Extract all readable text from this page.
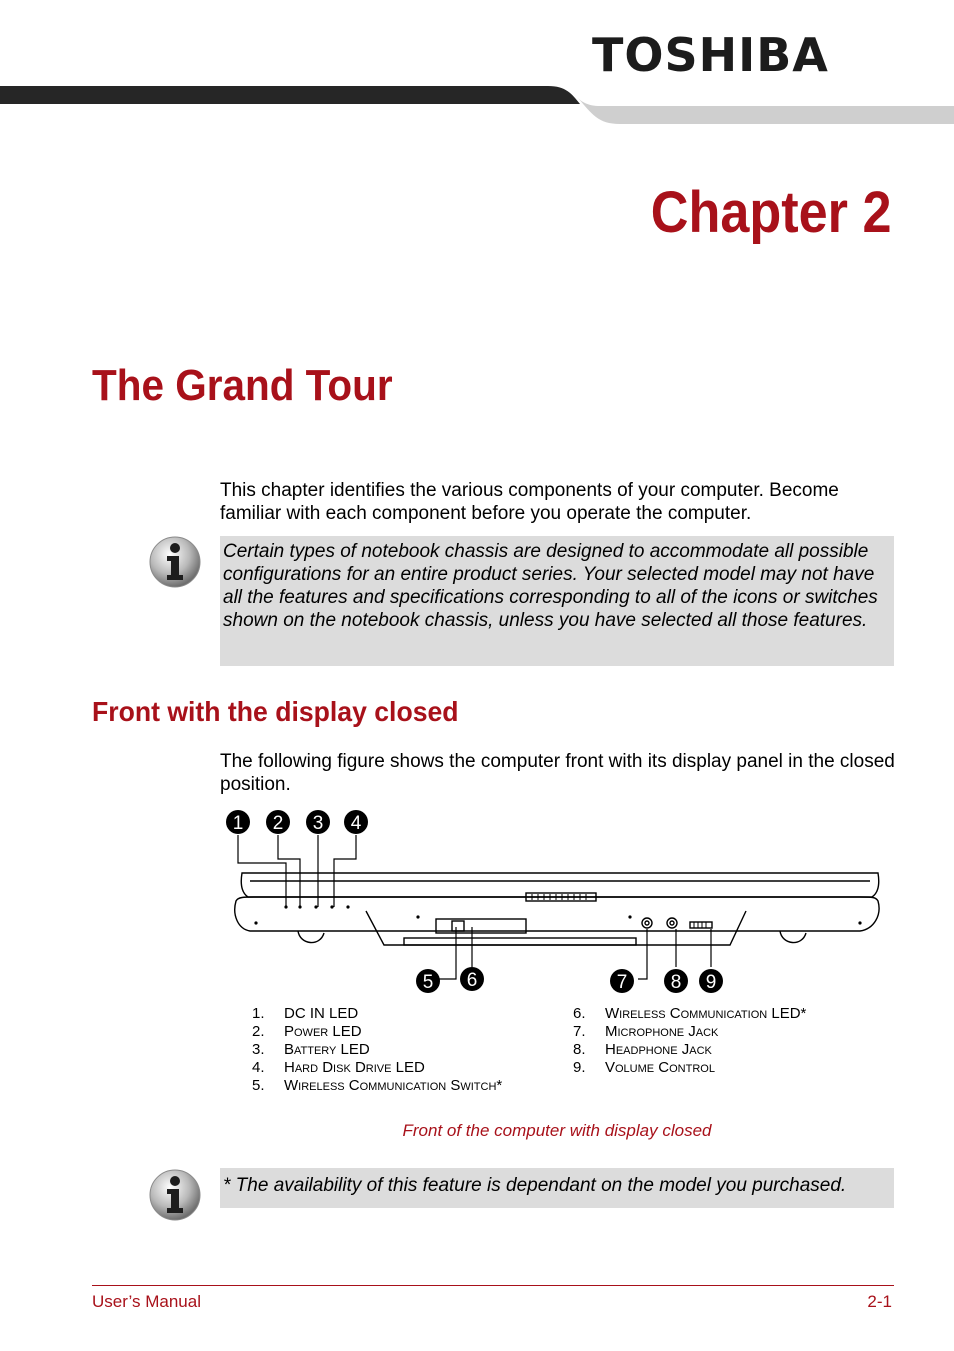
TOSHIBA
Chapter 2
The Grand Tour
This chapter identifies the various components of your computer. Become familiar with each component before you operate the computer.
Certain types of notebook chassis are designed to accommodate all possible configurations for an entire product series. Your selected model may not have all the features and specifications corresponding to all of the icons or switches shown on the notebook chassis, unless you have selected all those features.
Front with the display closed
The following figure shows the computer front with its display panel in the closed position.
1 2 3 4
5 6	7 8 9
1.	DC IN LED
2.	Power LED
3.	Battery LED
4.	Hard Disk Drive LED
5.	Wireless Communication Switch*
6.	Wireless Communication LED*
7.	Microphone Jack
8.	Headphone Jack
9.	Volume Control
Front of the computer with display closed
* The availability of this feature is dependant on the model you purchased.
User’s Manual	2-1
